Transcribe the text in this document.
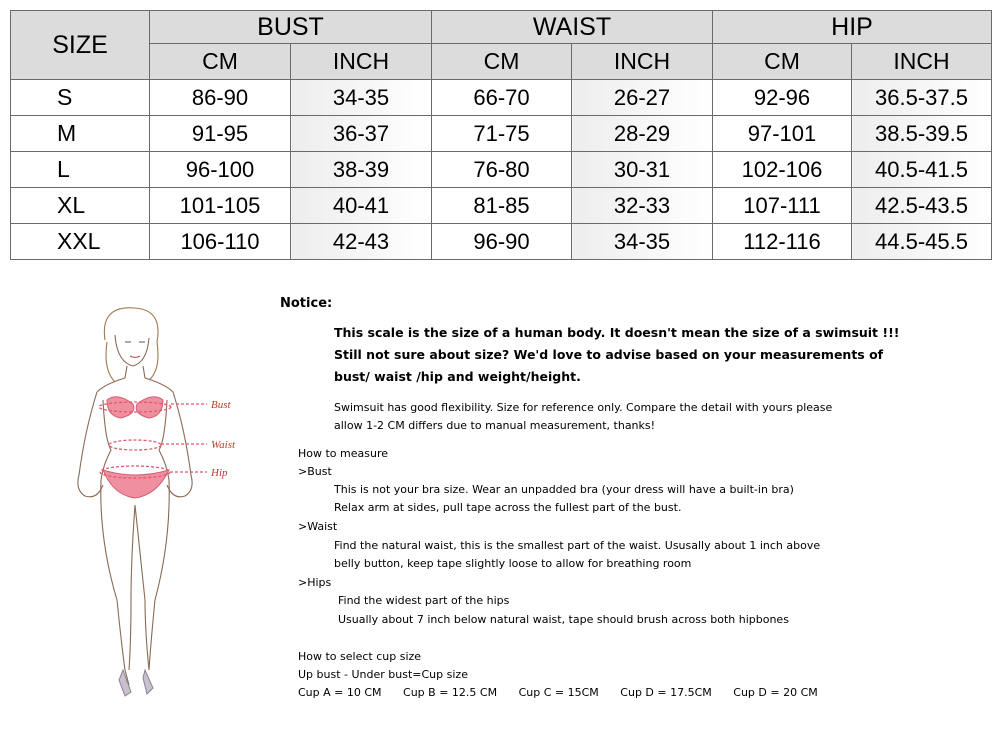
SIZE	BUST		WAIST		HIP	
	CM	INCH	CM	INCH	CM	INCH
S	86-90	34-35	66-70	26-27	92-96	36.5-37.5
M	91-95	36-37	71-75	28-29	97-101	38.5-39.5
L	96-100	38-39	76-80	30-31	102-106	40.5-41.5
XL	101-105	40-41	81-85	32-33	107-111	42.5-43.5
XXL	106-110	42-43	96-90	34-35	112-116	44.5-45.5
Bust
Waist
Hip
Notice:
This scale is the size of a human body. It doesn't mean the size of a swimsuit !!!
Still not sure about size? We'd love to advise based on your measurements of
bust/ waist /hip and weight/height.
Swimsuit has good flexibility. Size for reference only. Compare the detail with yours please
allow 1-2 CM differs due to manual measurement, thanks!
How to measure
>Bust
This is not your bra size. Wear an unpadded bra (your dress will have a built-in bra)
Relax arm at sides, pull tape across the fullest part of the bust.
>Waist
Find the natural waist, this is the smallest part of the waist. Ususally about 1 inch above
belly button, keep tape slightly loose to allow for breathing room
>Hips
Find the widest part of the hips
Usually about 7 inch below natural waist, tape should brush across both hipbones
How to select cup size
Up bust - Under bust=Cup size
Cup A = 10 CM Cup B = 12.5 CM Cup C = 15CM Cup D = 17.5CM Cup D = 20 CM
